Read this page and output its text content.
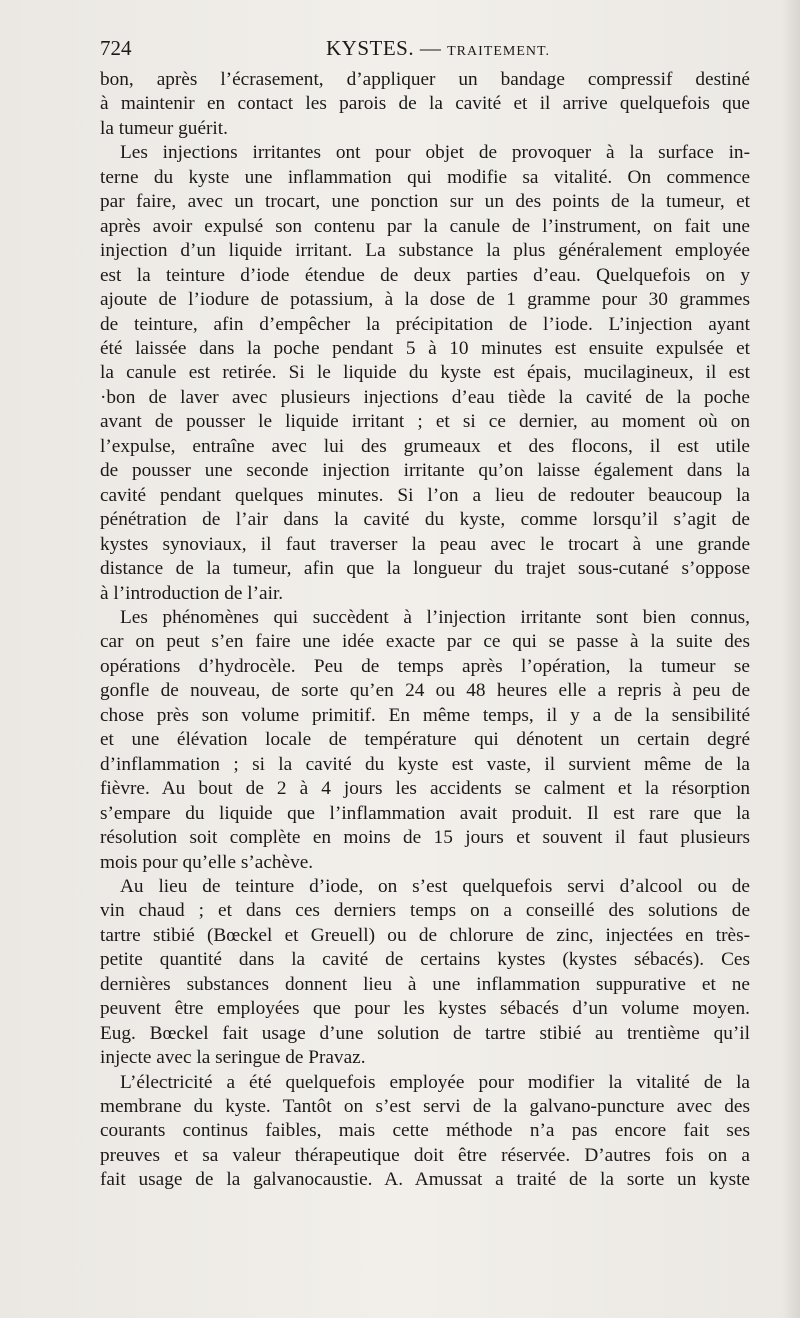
724	KYSTES. — TRAITEMENT.

bon, après l’écrasement, d’appliquer un bandage compressif destiné

à maintenir en contact les parois de la cavité et il arrive quelquefois que

la tumeur guérit.

Les injections irritantes ont pour objet de provoquer à la surface in-

terne du kyste une inflammation qui modifie sa vitalité. On commence

par faire, avec un trocart, une ponction sur un des points de la tumeur, et

après avoir expulsé son contenu par la canule de l’instrument, on fait une

injection d’un liquide irritant. La substance la plus généralement employée

est la teinture d’iode étendue de deux parties d’eau. Quelquefois on y

ajoute de l’iodure de potassium, à la dose de 1 gramme pour 30 grammes

de teinture, afin d’empêcher la précipitation de l’iode. L’injection ayant

été laissée dans la poche pendant 5 à 10 minutes est ensuite expulsée et

la canule est retirée. Si le liquide du kyste est épais, mucilagineux, il est

·bon de laver avec plusieurs injections d’eau tiède la cavité de la poche

avant de pousser le liquide irritant ; et si ce dernier, au moment où on

l’expulse, entraîne avec lui des grumeaux et des flocons, il est utile

de pousser une seconde injection irritante qu’on laisse également dans la

cavité pendant quelques minutes. Si l’on a lieu de redouter beaucoup la

pénétration de l’air dans la cavité du kyste, comme lorsqu’il s’agit de

kystes synoviaux, il faut traverser la peau avec le trocart à une grande

distance de la tumeur, afin que la longueur du trajet sous-cutané s’oppose

à l’introduction de l’air.

Les phénomènes qui succèdent à l’injection irritante sont bien connus,

car on peut s’en faire une idée exacte par ce qui se passe à la suite des

opérations d’hydrocèle. Peu de temps après l’opération, la tumeur se

gonfle de nouveau, de sorte qu’en 24 ou 48 heures elle a repris à peu de

chose près son volume primitif. En même temps, il y a de la sensibilité

et une élévation locale de température qui dénotent un certain degré

d’inflammation ; si la cavité du kyste est vaste, il survient même de la

fièvre. Au bout de 2 à 4 jours les accidents se calment et la résorption

s’empare du liquide que l’inflammation avait produit. Il est rare que la

résolution soit complète en moins de 15 jours et souvent il faut plusieurs

mois pour qu’elle s’achève.

Au lieu de teinture d’iode, on s’est quelquefois servi d’alcool ou de

vin chaud ; et dans ces derniers temps on a conseillé des solutions de

tartre stibié (Bœckel et Greuell) ou de chlorure de zinc, injectées en très-

petite quantité dans la cavité de certains kystes (kystes sébacés). Ces

dernières substances donnent lieu à une inflammation suppurative et ne

peuvent être employées que pour les kystes sébacés d’un volume moyen.

Eug. Bœckel fait usage d’une solution de tartre stibié au trentième qu’il

injecte avec la seringue de Pravaz.

L’électricité a été quelquefois employée pour modifier la vitalité de la

membrane du kyste. Tantôt on s’est servi de la galvano-puncture avec des

courants continus faibles, mais cette méthode n’a pas encore fait ses

preuves et sa valeur thérapeutique doit être réservée. D’autres fois on a

fait usage de la galvanocaustie. A. Amussat a traité de la sorte un kyste
